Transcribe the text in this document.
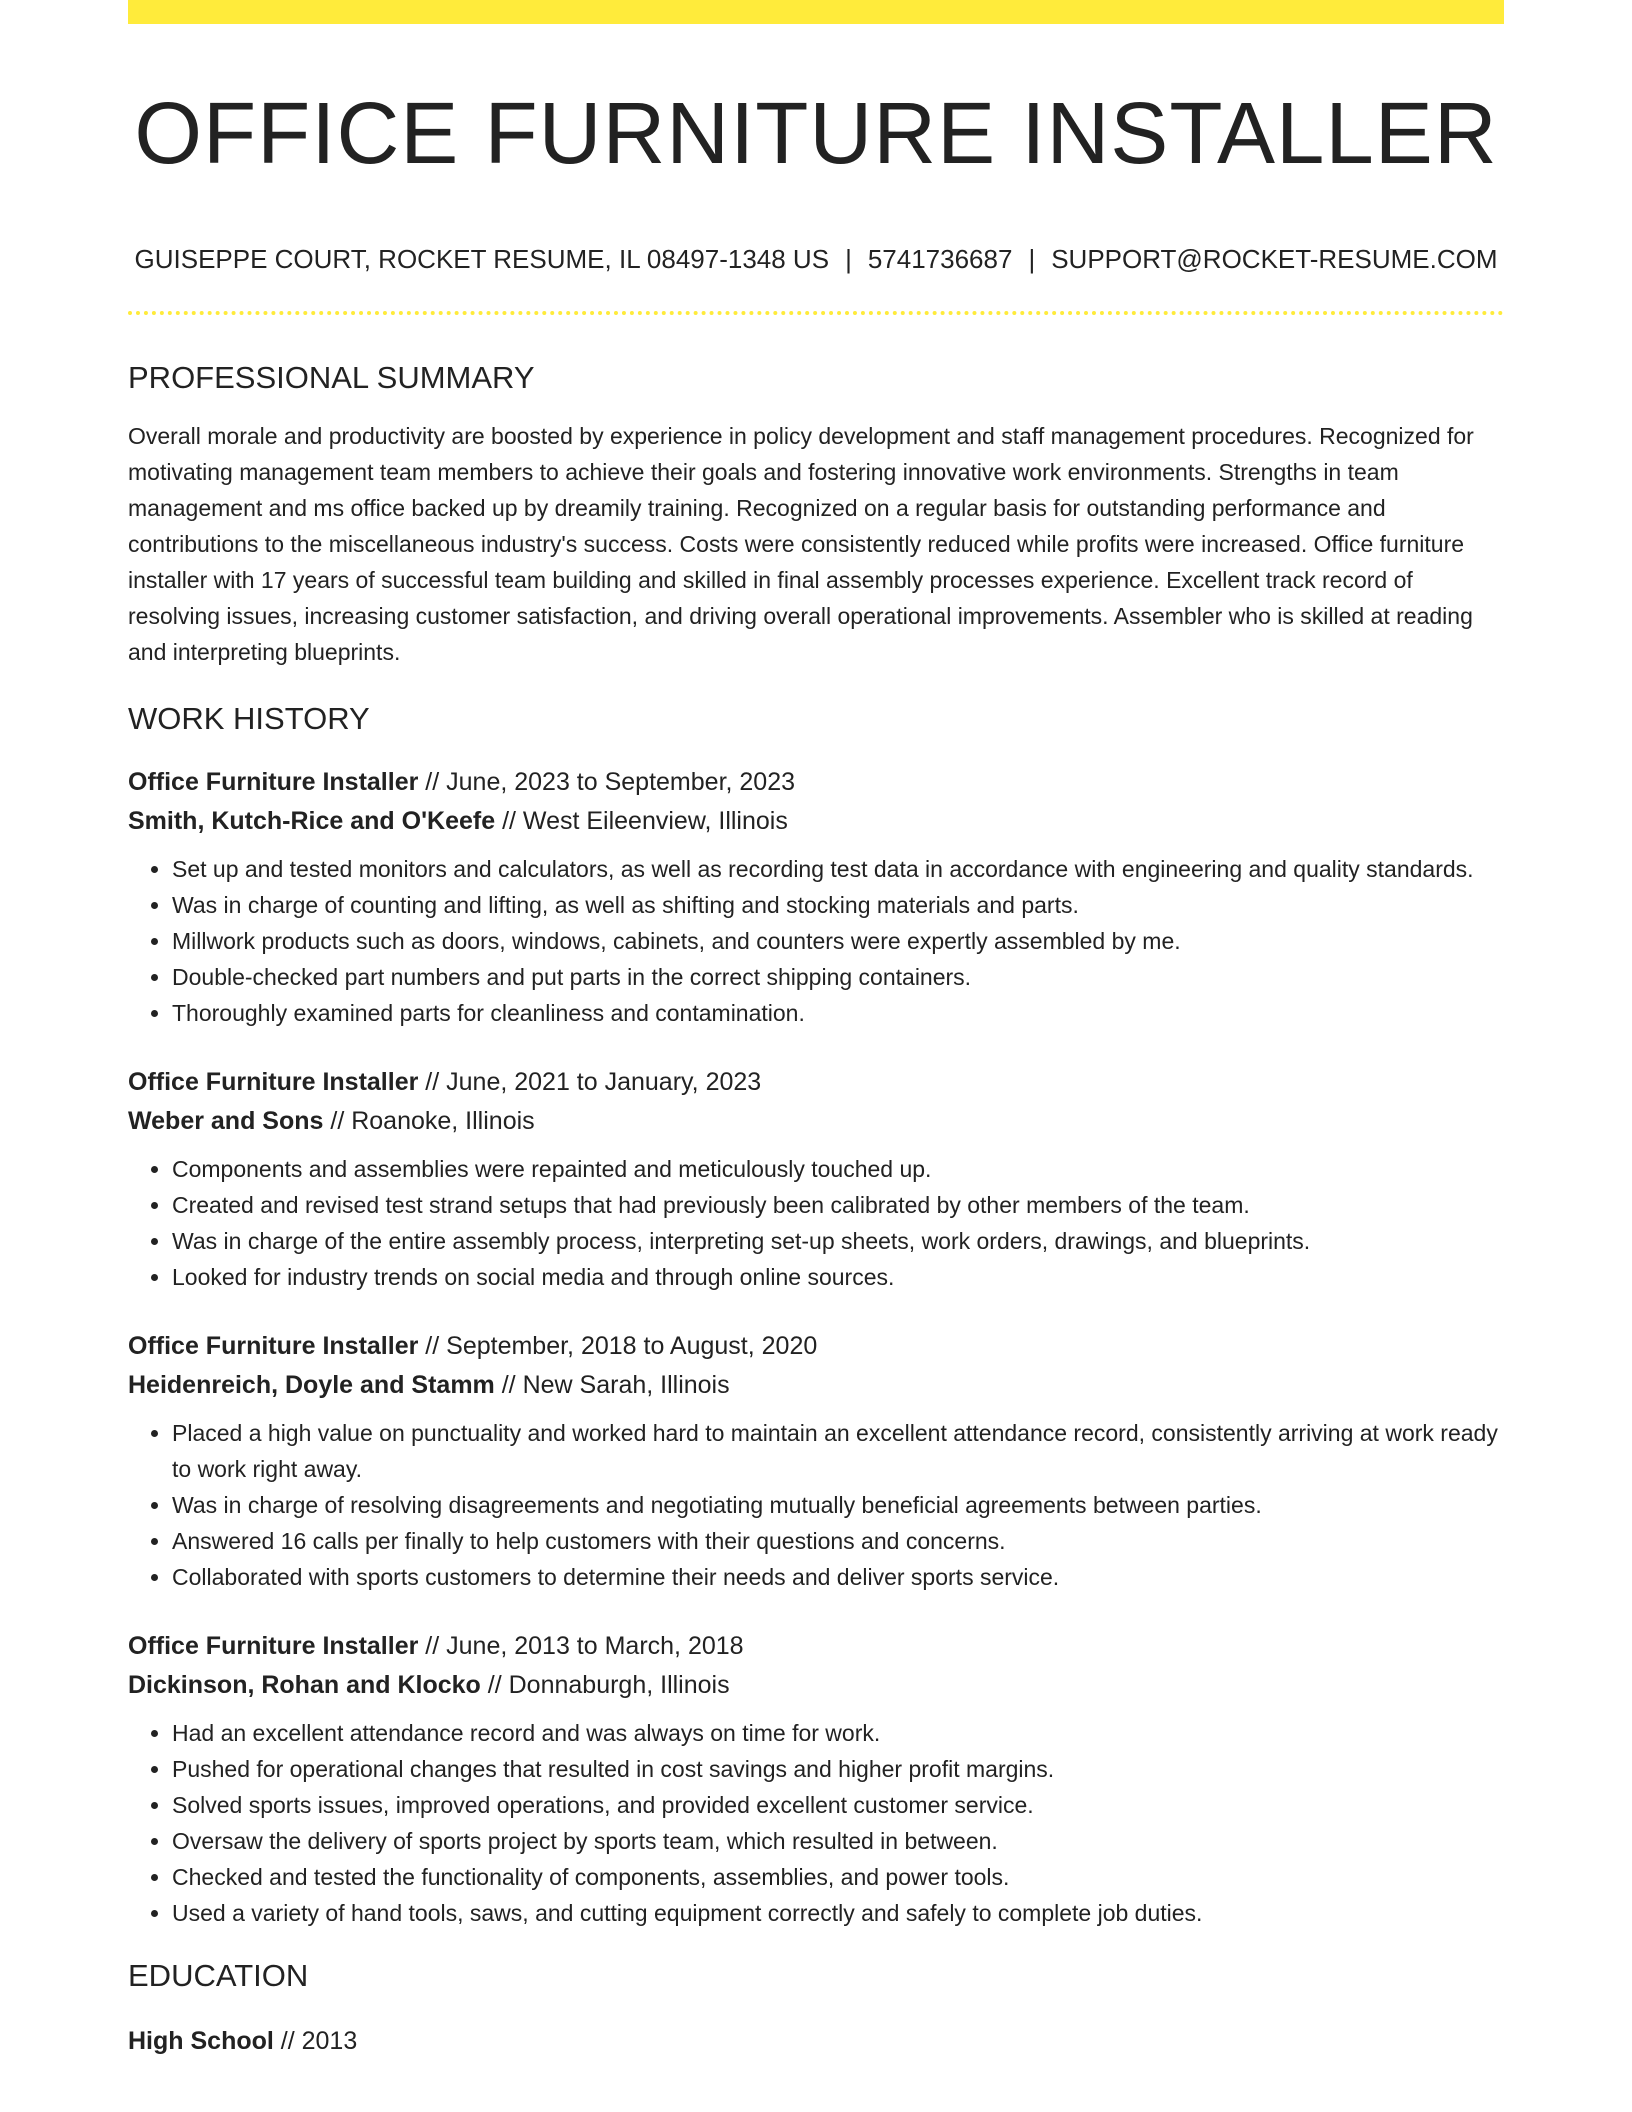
OFFICE FURNITURE INSTALLER
GUISEPPE COURT, ROCKET RESUME, IL 08497-1348 US | 5741736687 | SUPPORT@ROCKET-RESUME.COM
PROFESSIONAL SUMMARY
Overall morale and productivity are boosted by experience in policy development and staff management procedures. Recognized for motivating management team members to achieve their goals and fostering innovative work environments. Strengths in team management and ms office backed up by dreamily training. Recognized on a regular basis for outstanding performance and contributions to the miscellaneous industry's success. Costs were consistently reduced while profits were increased. Office furniture installer with 17 years of successful team building and skilled in final assembly processes experience. Excellent track record of resolving issues, increasing customer satisfaction, and driving overall operational improvements. Assembler who is skilled at reading and interpreting blueprints.
WORK HISTORY
Office Furniture Installer // June, 2023 to September, 2023
Smith, Kutch-Rice and O'Keefe // West Eileenview, Illinois
• Set up and tested monitors and calculators, as well as recording test data in accordance with engineering and quality standards.
• Was in charge of counting and lifting, as well as shifting and stocking materials and parts.
• Millwork products such as doors, windows, cabinets, and counters were expertly assembled by me.
• Double-checked part numbers and put parts in the correct shipping containers.
• Thoroughly examined parts for cleanliness and contamination.
Office Furniture Installer // June, 2021 to January, 2023
Weber and Sons // Roanoke, Illinois
• Components and assemblies were repainted and meticulously touched up.
• Created and revised test strand setups that had previously been calibrated by other members of the team.
• Was in charge of the entire assembly process, interpreting set-up sheets, work orders, drawings, and blueprints.
• Looked for industry trends on social media and through online sources.
Office Furniture Installer // September, 2018 to August, 2020
Heidenreich, Doyle and Stamm // New Sarah, Illinois
• Placed a high value on punctuality and worked hard to maintain an excellent attendance record, consistently arriving at work ready to work right away.
• Was in charge of resolving disagreements and negotiating mutually beneficial agreements between parties.
• Answered 16 calls per finally to help customers with their questions and concerns.
• Collaborated with sports customers to determine their needs and deliver sports service.
Office Furniture Installer // June, 2013 to March, 2018
Dickinson, Rohan and Klocko // Donnaburgh, Illinois
• Had an excellent attendance record and was always on time for work.
• Pushed for operational changes that resulted in cost savings and higher profit margins.
• Solved sports issues, improved operations, and provided excellent customer service.
• Oversaw the delivery of sports project by sports team, which resulted in between.
• Checked and tested the functionality of components, assemblies, and power tools.
• Used a variety of hand tools, saws, and cutting equipment correctly and safely to complete job duties.
EDUCATION
High School // 2013
